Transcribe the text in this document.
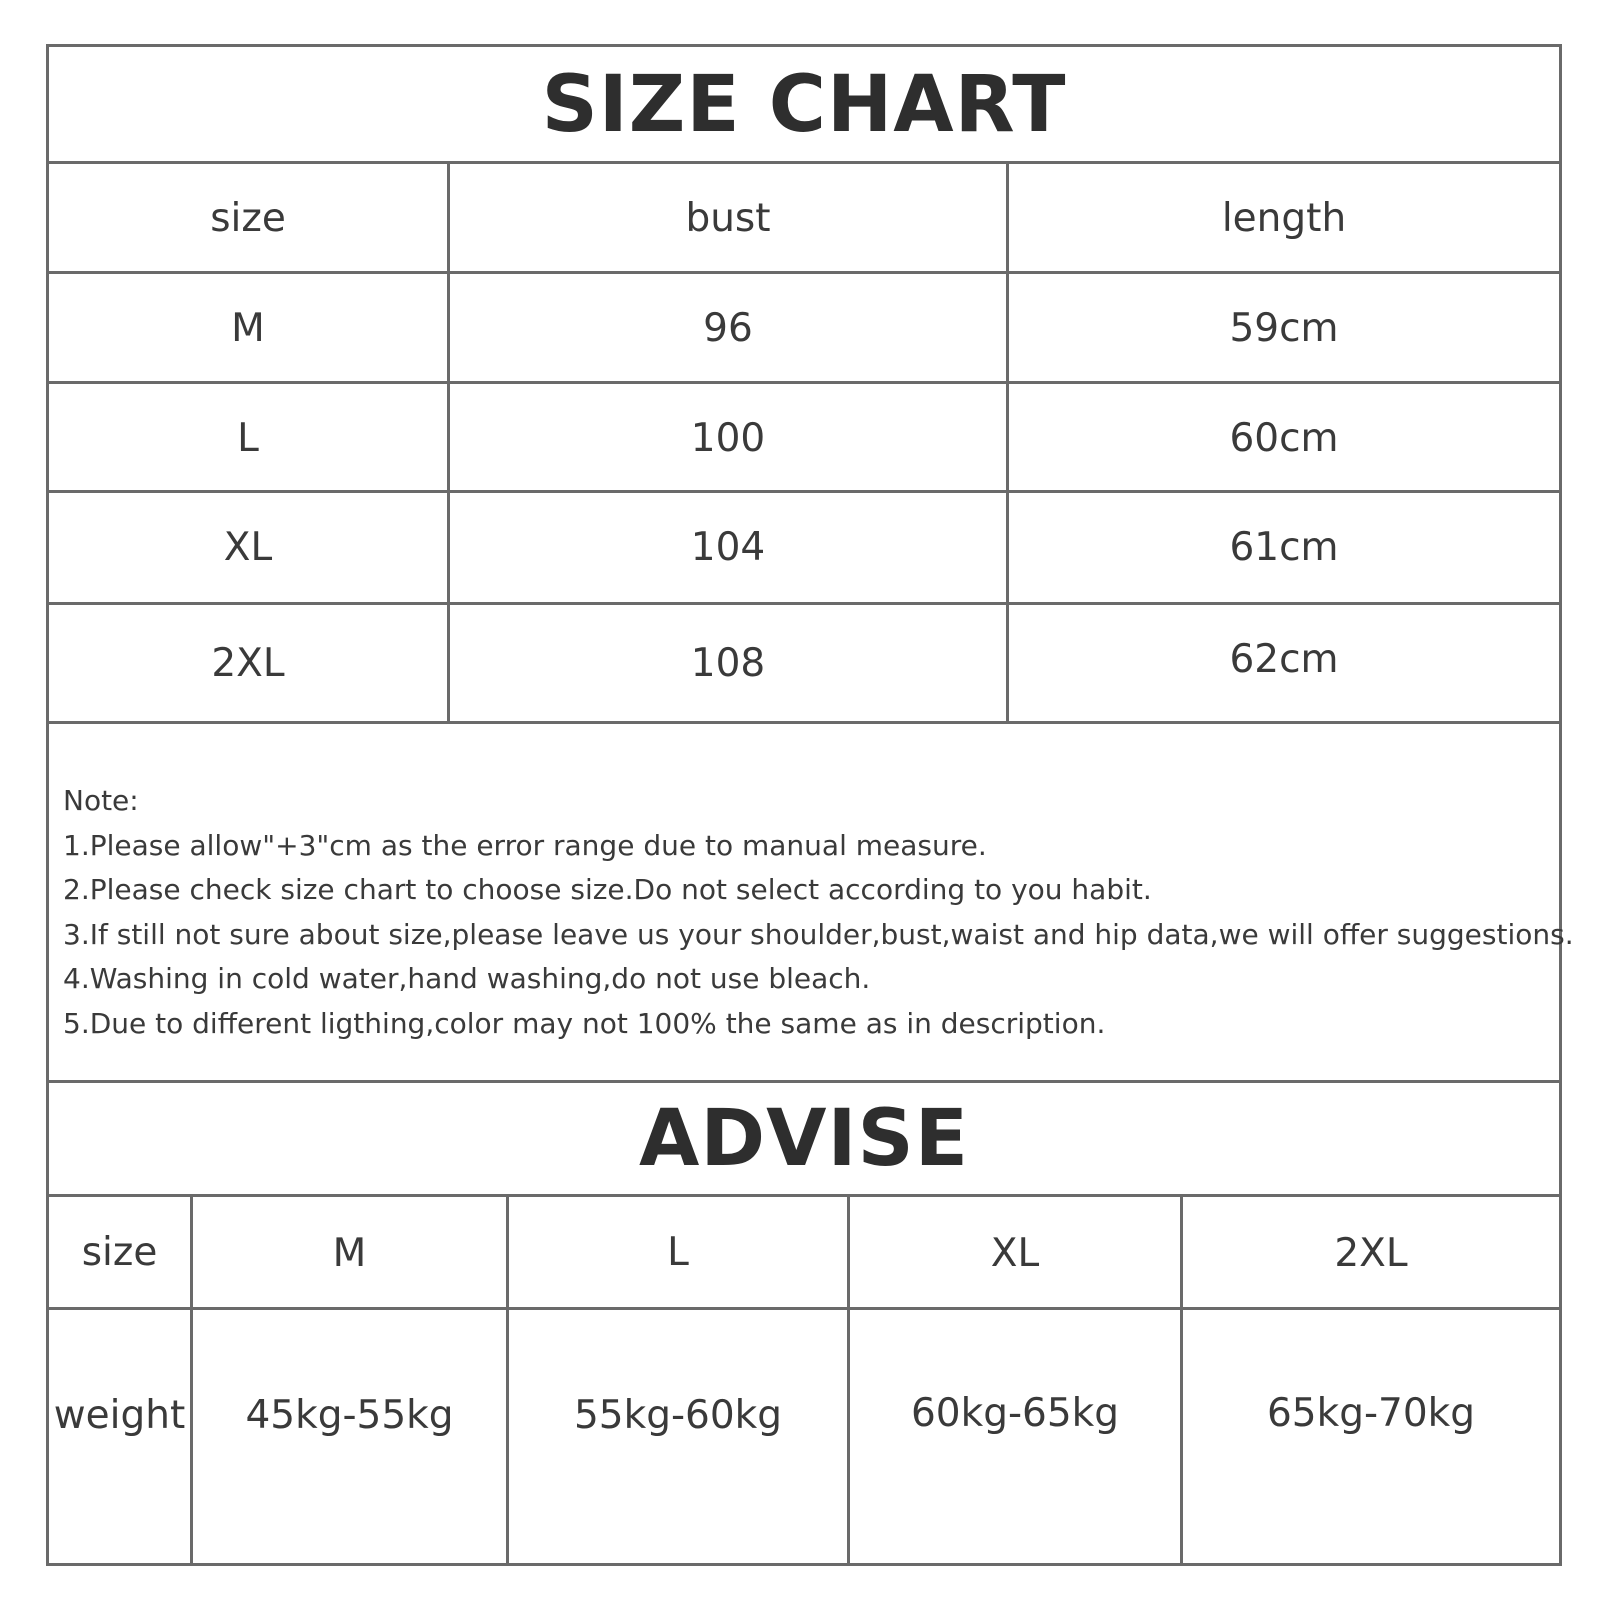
SIZE CHART
size	bust	length
M	96	59cm
L	100	60cm
XL	104	61cm
2XL	108	62cm
Note:
1.Please allow"+3"cm as the error range due to manual measure.
2.Please check size chart to choose size.Do not select according to you habit.
3.If still not sure about size,please leave us your shoulder,bust,waist and hip data,we will offer suggestions.
4.Washing in cold water,hand washing,do not use bleach.
5.Due to different ligthing,color may not 100% the same as in description.
ADVISE
size	M	L	XL	2XL
weight	45kg-55kg	55kg-60kg	60kg-65kg	65kg-70kg
